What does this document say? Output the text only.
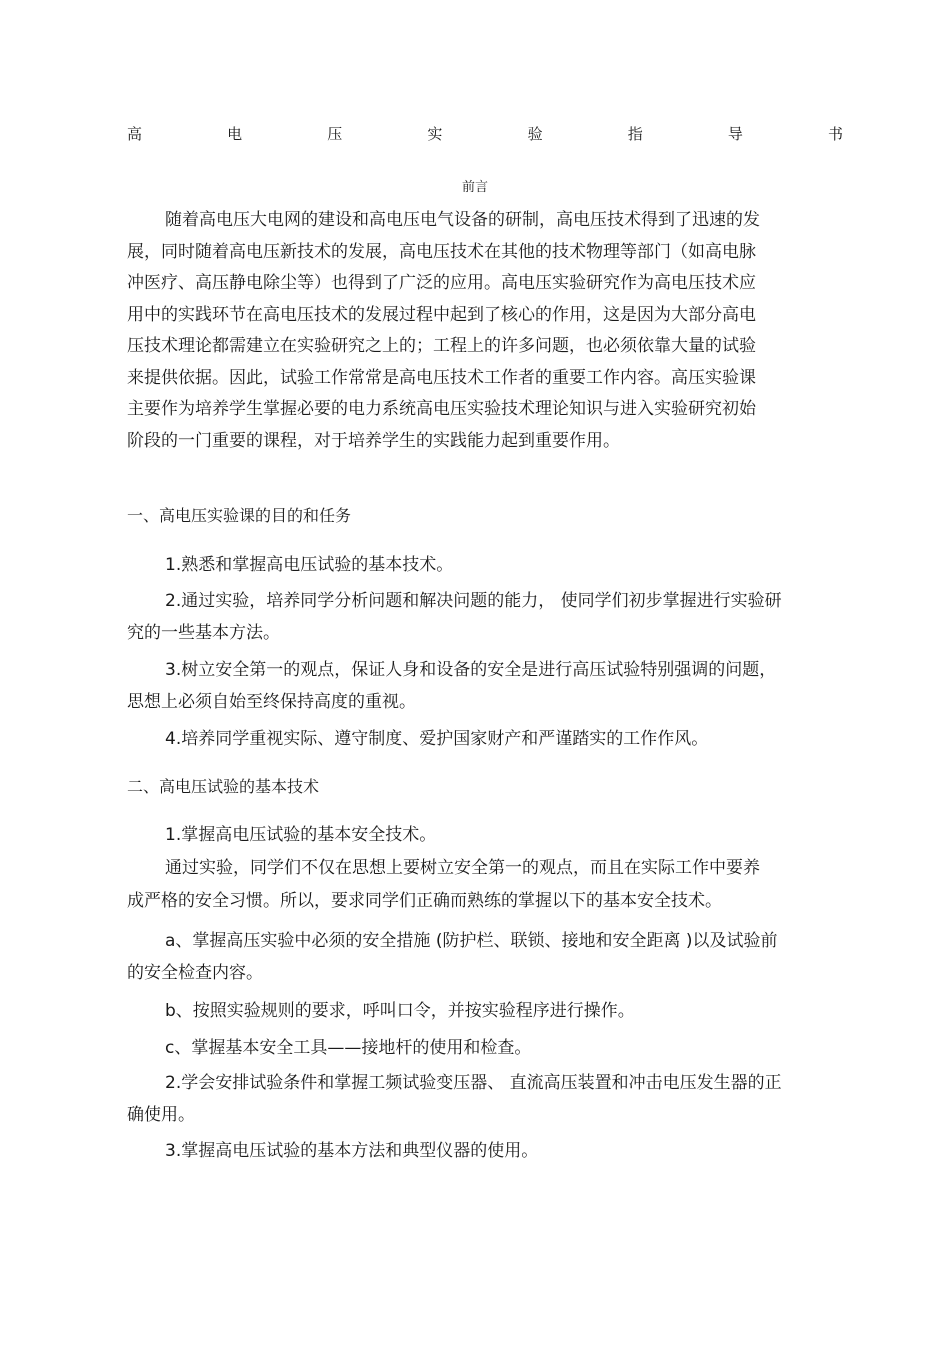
高	电	压	实	验	指	导	书
前言
随着高电压大电网的建设和高电压电气设备的研制，高电压技术得到了迅速的发
展，同时随着高电压新技术的发展，高电压技术在其他的技术物理等部门（如高电脉
冲医疗、高压静电除尘等）也得到了广泛的应用。高电压实验研究作为高电压技术应
用中的实践环节在高电压技术的发展过程中起到了核心的作用，这是因为大部分高电
压技术理论都需建立在实验研究之上的；工程上的许多问题，也必须依靠大量的试验
来提供依据。因此，试验工作常常是高电压技术工作者的重要工作内容。高压实验课
主要作为培养学生掌握必要的电力系统高电压实验技术理论知识与进入实验研究初始
阶段的一门重要的课程，对于培养学生的实践能力起到重要作用。
一、高电压实验课的目的和任务
1.熟悉和掌握高电压试验的基本技术。
2.通过实验，培养同学分析问题和解决问题的能力， 使同学们初步掌握进行实验研
究的一些基本方法。
3.树立安全第一的观点，保证人身和设备的安全是进行高压试验特别强调的问题，
思想上必须自始至终保持高度的重视。
4.培养同学重视实际、遵守制度、爱护国家财产和严谨踏实的工作作风。
二、高电压试验的基本技术
1.掌握高电压试验的基本安全技术。
通过实验，同学们不仅在思想上要树立安全第一的观点，而且在实际工作中要养
成严格的安全习惯。所以，要求同学们正确而熟练的掌握以下的基本安全技术。
a、掌握高压实验中必须的安全措施 (防护栏、联锁、接地和安全距离 )以及试验前
的安全检查内容。
b、按照实验规则的要求，呼叫口令，并按实验程序进行操作。
c、掌握基本安全工具——接地杆的使用和检查。
2.学会安排试验条件和掌握工频试验变压器、 直流高压装置和冲击电压发生器的正
确使用。
3.掌握高电压试验的基本方法和典型仪器的使用。
